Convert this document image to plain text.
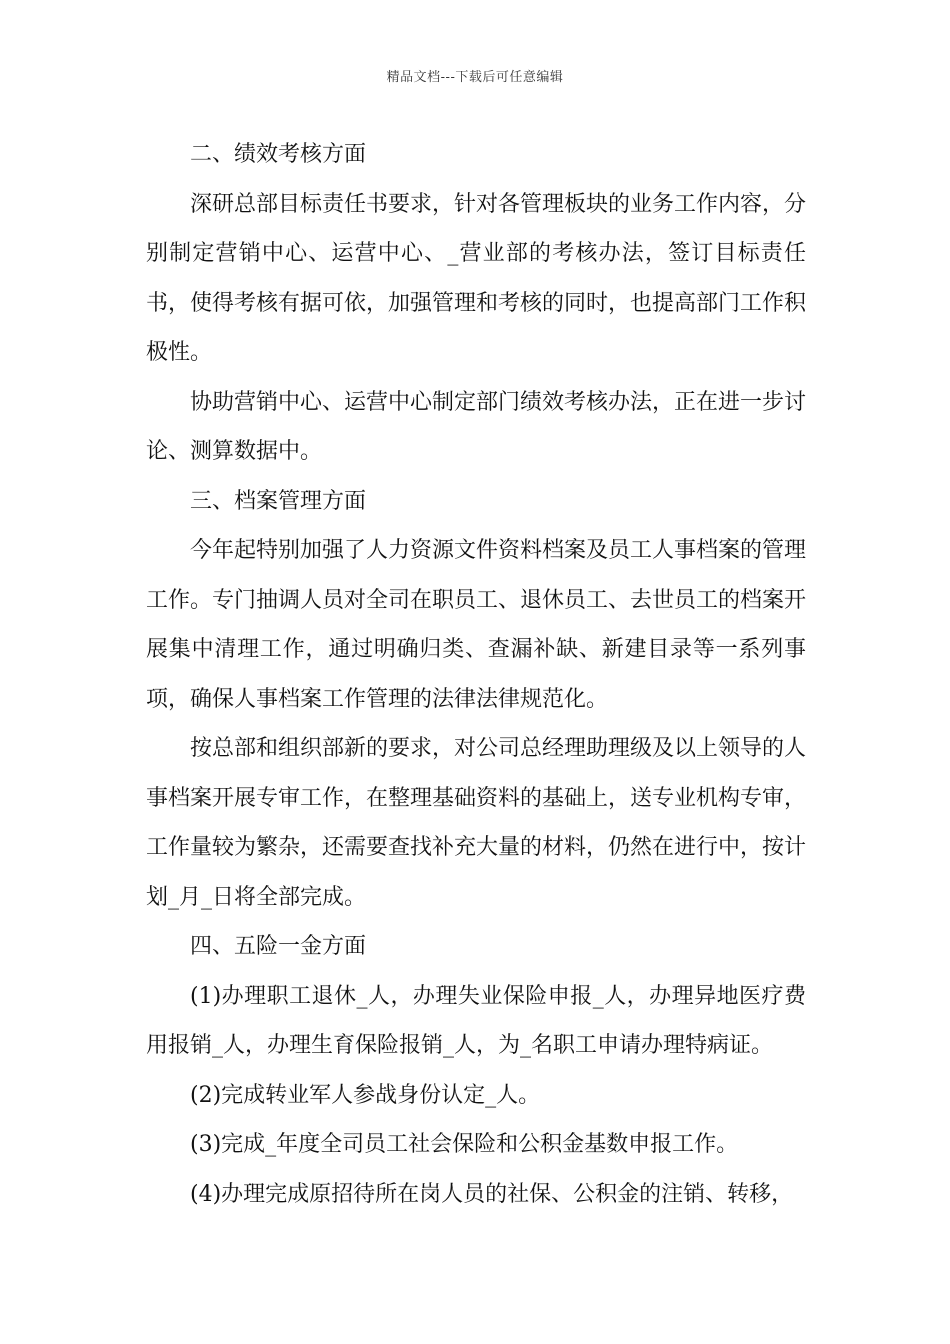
精品文档---下载后可任意编辑

二、绩效考核方面

深研总部目标责任书要求，针对各管理板块的业务工作内容，分别制定营销中心、运营中心、_营业部的考核办法，签订目标责任书，使得考核有据可依，加强管理和考核的同时，也提高部门工作积极性。

协助营销中心、运营中心制定部门绩效考核办法，正在进一步讨论、测算数据中。

三、档案管理方面

今年起特别加强了人力资源文件资料档案及员工人事档案的管理工作。专门抽调人员对全司在职员工、退休员工、去世员工的档案开展集中清理工作，通过明确归类、查漏补缺、新建目录等一系列事项，确保人事档案工作管理的法律法律规范化。

按总部和组织部新的要求，对公司总经理助理级及以上领导的人事档案开展专审工作，在整理基础资料的基础上，送专业机构专审，工作量较为繁杂，还需要查找补充大量的材料，仍然在进行中，按计划_月_日将全部完成。

四、五险一金方面

(1)办理职工退休_人，办理失业保险申报_人，办理异地医疗费用报销_人，办理生育保险报销_人，为_名职工申请办理特病证。

(2)完成转业军人参战身份认定_人。

(3)完成_年度全司员工社会保险和公积金基数申报工作。

(4)办理完成原招待所在岗人员的社保、公积金的注销、转移，
